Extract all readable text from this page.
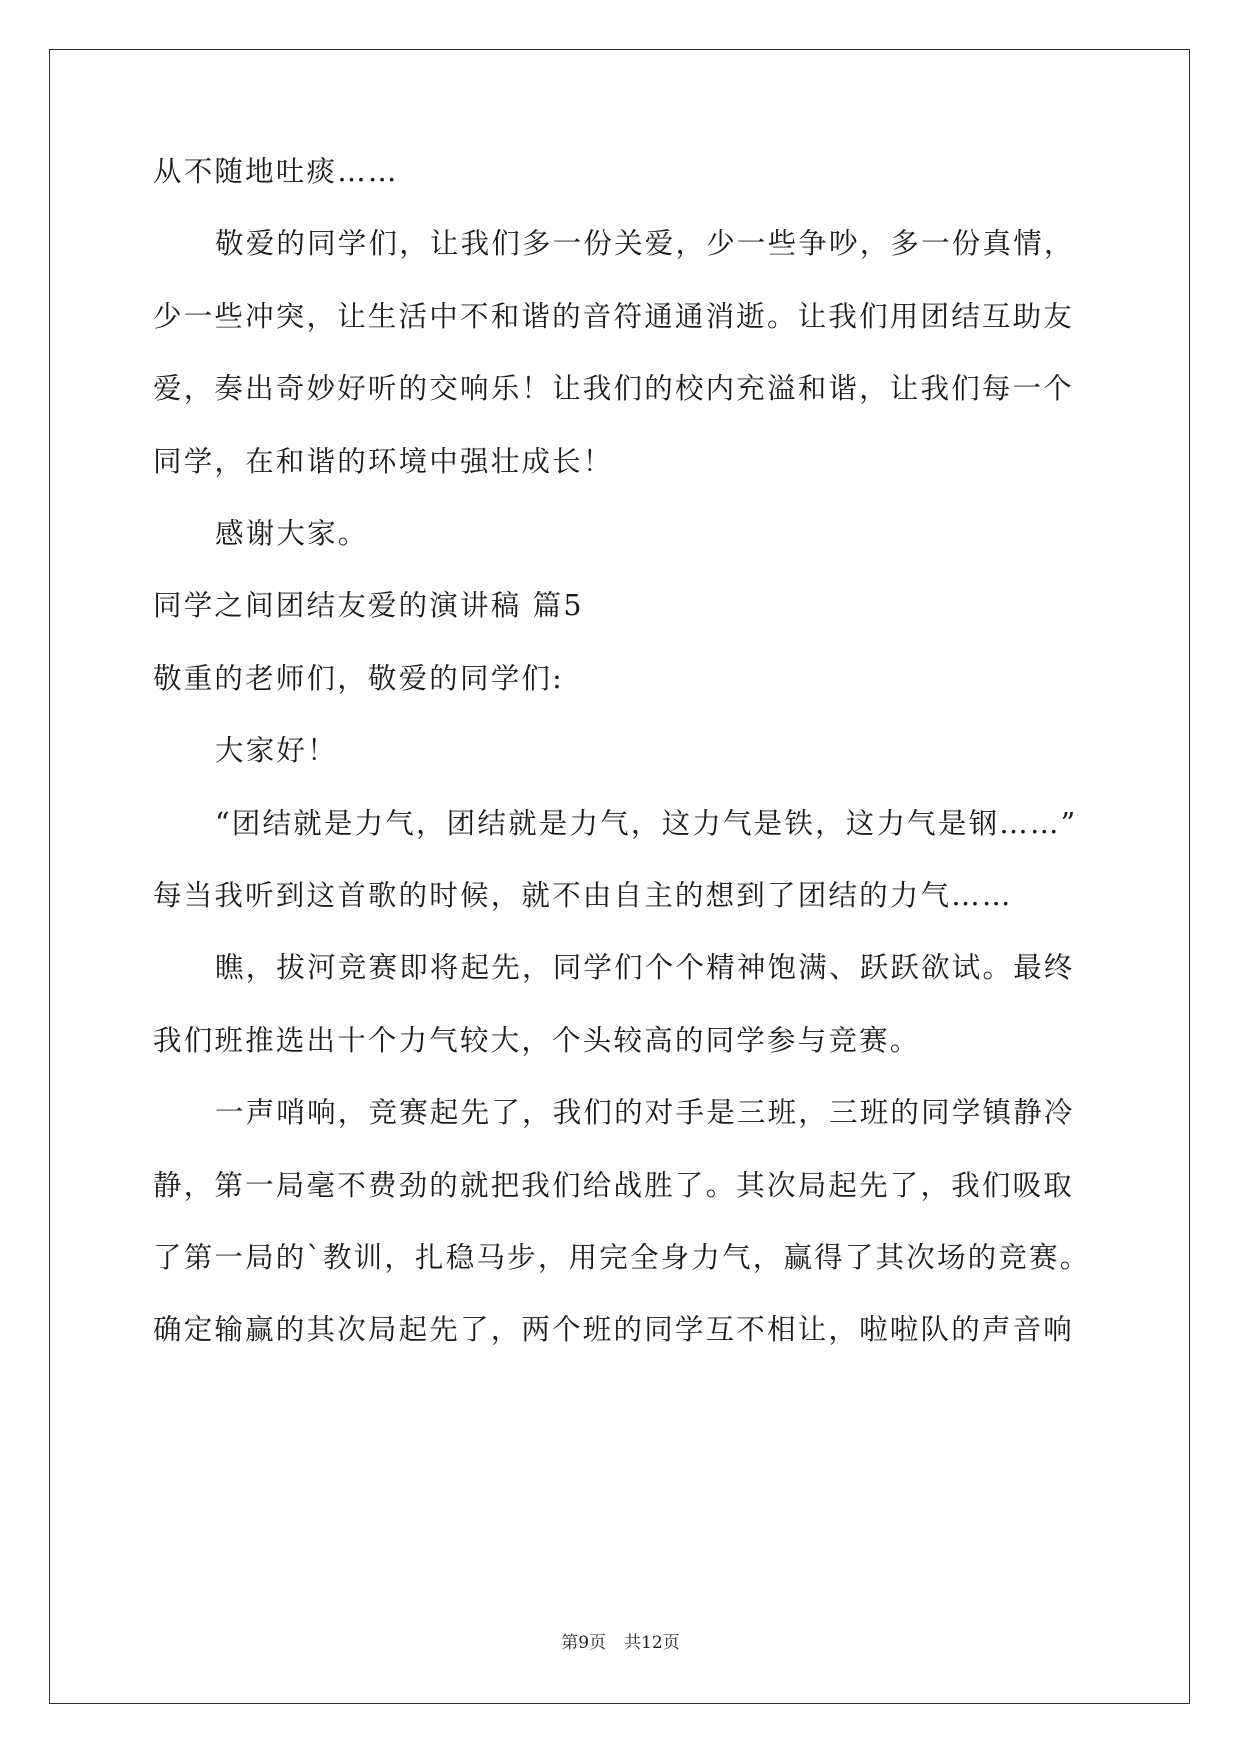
从不随地吐痰……
敬爱的同学们，让我们多一份关爱，少一些争吵，多一份真情，
少一些冲突，让生活中不和谐的音符通通消逝。让我们用团结互助友
爱，奏出奇妙好听的交响乐！让我们的校内充溢和谐，让我们每一个
同学，在和谐的环境中强壮成长！
感谢大家。
同学之间团结友爱的演讲稿 篇5
敬重的老师们，敬爱的同学们:
大家好！
“团结就是力气，团结就是力气，这力气是铁，这力气是钢……”
每当我听到这首歌的时候，就不由自主的想到了团结的力气……
瞧，拔河竞赛即将起先，同学们个个精神饱满、跃跃欲试。最终
我们班推选出十个力气较大，个头较高的同学参与竞赛。
一声哨响，竞赛起先了，我们的对手是三班，三班的同学镇静冷
静，第一局毫不费劲的就把我们给战胜了。其次局起先了，我们吸取
了第一局的`教训，扎稳马步，用完全身力气，赢得了其次场的竞赛。
确定输赢的其次局起先了，两个班的同学互不相让，啦啦队的声音响
第9页 共12页
